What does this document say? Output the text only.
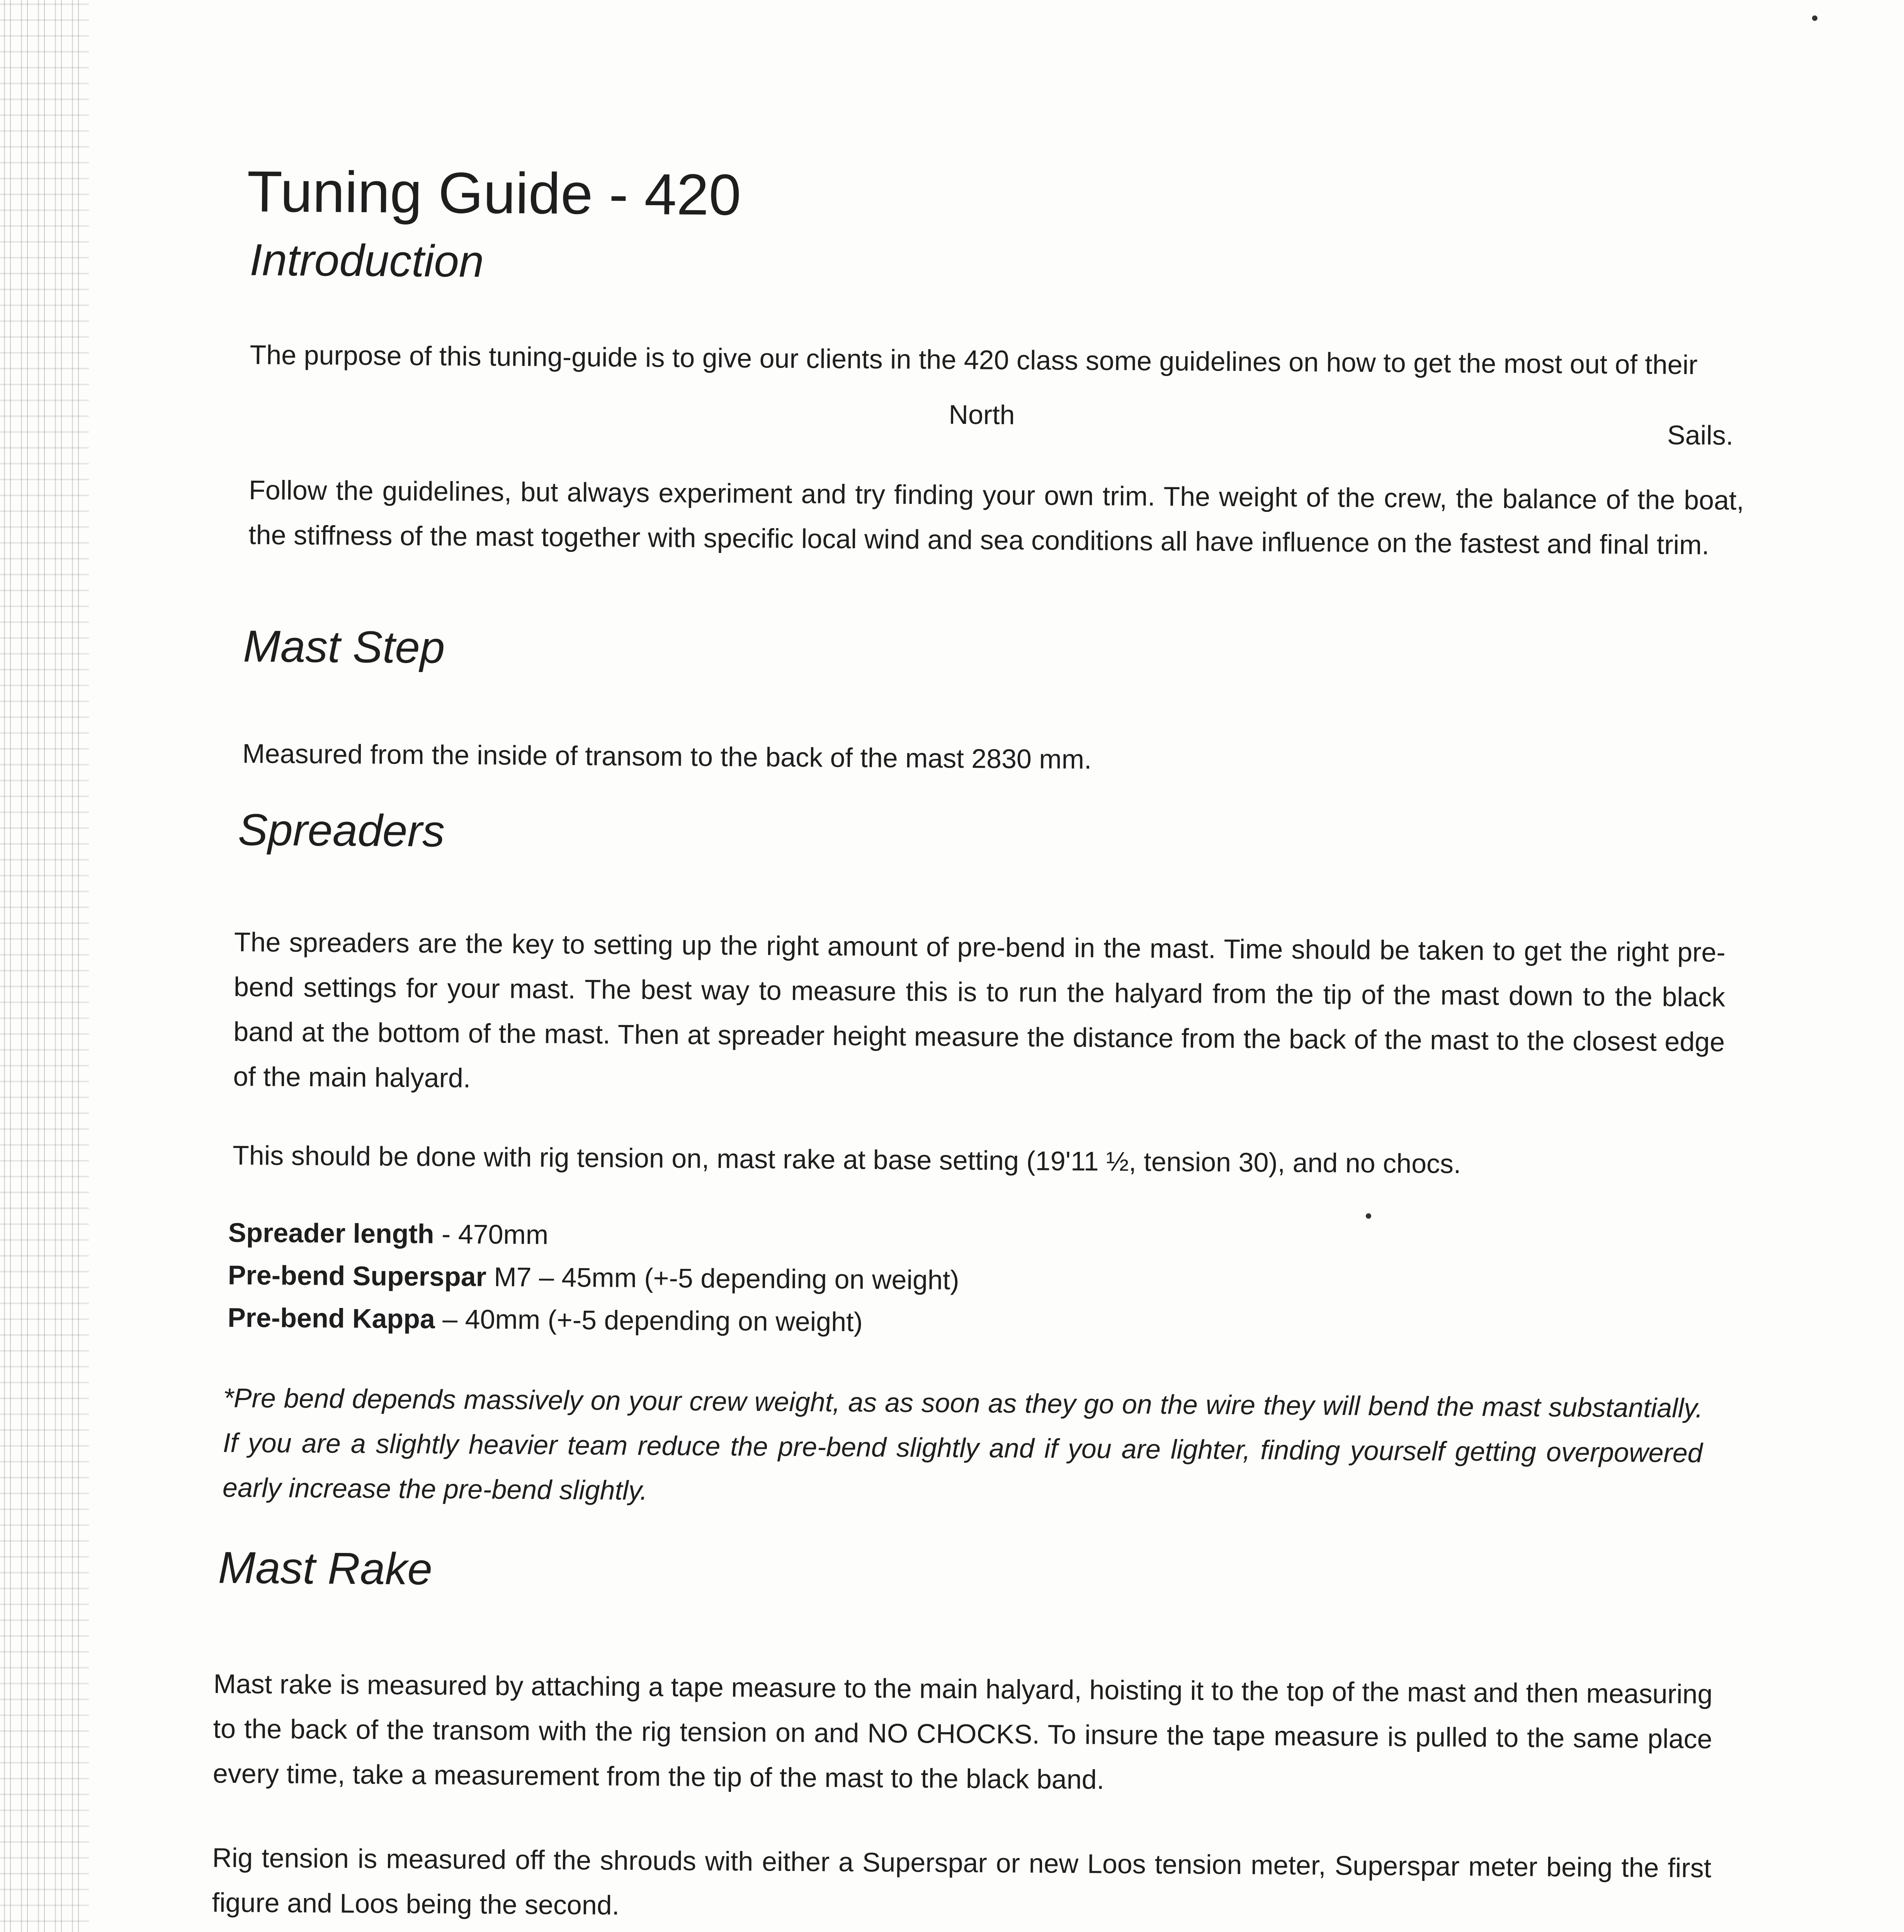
Tuning Guide - 420
Introduction
The purpose of this tuning-guide is to give our clients in the 420 class some guidelines on how to get the most out of their
North
Sails.
Follow the guidelines, but always experiment and try finding your own trim. The weight of the crew, the balance of the boat, the stiffness of the mast together with specific local wind and sea conditions all have influence on the fastest and final trim.
Mast Step
Measured from the inside of transom to the back of the mast 2830 mm.
Spreaders
The spreaders are the key to setting up the right amount of pre-bend in the mast. Time should be taken to get the right pre-bend settings for your mast. The best way to measure this is to run the halyard from the tip of the mast down to the black band at the bottom of the mast. Then at spreader height measure the distance from the back of the mast to the closest edge of the main halyard.
This should be done with rig tension on, mast rake at base setting (19'11 ½, tension 30), and no chocs.
Spreader length - 470mm
Pre-bend Superspar M7 – 45mm (+-5 depending on weight)
Pre-bend Kappa – 40mm (+-5 depending on weight)
*Pre bend depends massively on your crew weight, as as soon as they go on the wire they will bend the mast substantially. If you are a slightly heavier team reduce the pre-bend slightly and if you are lighter, finding yourself getting overpowered early increase the pre-bend slightly.
Mast Rake
Mast rake is measured by attaching a tape measure to the main halyard, hoisting it to the top of the mast and then measuring to the back of the transom with the rig tension on and NO CHOCKS. To insure the tape measure is pulled to the same place every time, take a measurement from the tip of the mast to the black band.
Rig tension is measured off the shrouds with either a Superspar or new Loos tension meter, Superspar meter being the first figure and Loos being the second.
